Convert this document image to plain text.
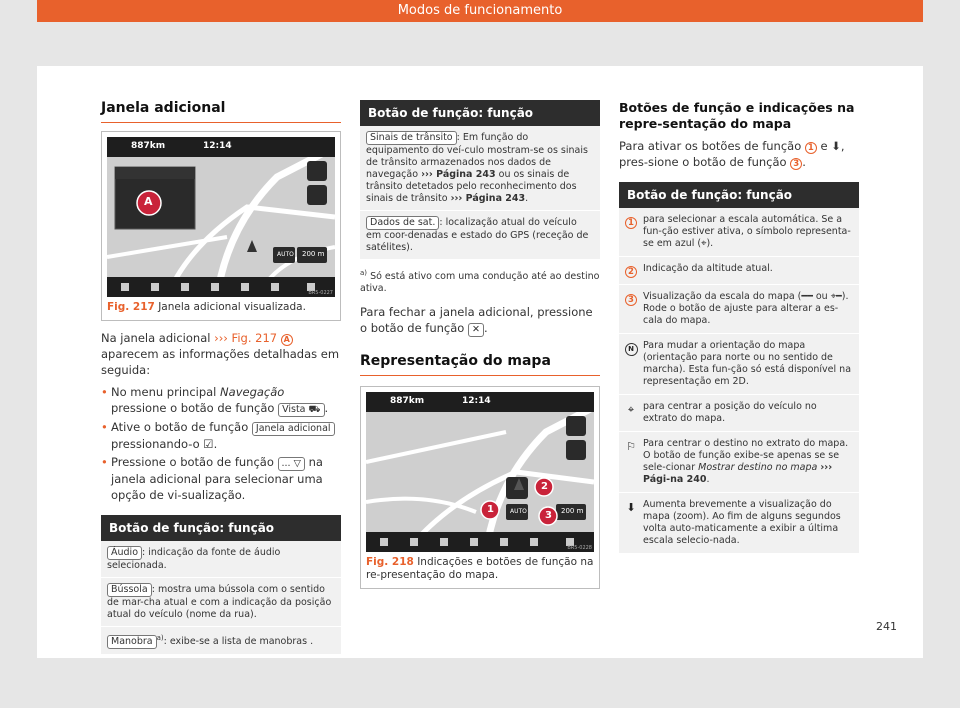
Modos de funcionamento
Janela adicional
887km	12:14
A
AUTO 200 m
BR5-0227
Fig. 217 Janela adicional visualizada.
Na janela adicional ››› Fig. 217 A aparecem as informações detalhadas em seguida:
• No menu principal Navegação pressione o botão de função Vista ⛟ .
• Ative o botão de função Janela adicional pressionando-o ☑.
• Pressione o botão de função ... ▽ na janela adicional para selecionar uma opção de vi-sualização.
Botão de função: função
Áudio : indicação da fonte de áudio selecionada.
Bússola : mostra uma bússola com o sentido de mar-cha atual e com a indicação da posição atual do veículo (nome da rua).
Manobra $^{a)}$: exibe-se a lista de manobras .
Botão de função: função
Sinais de trânsito : Em função do equipamento do veí-culo mostram-se os sinais de trânsito armazenados nos dados de navegação ››› Página 243 ou os sinais de trânsito detetados pelo reconhecimento dos sinais de trânsito ››› Página 243.
Dados de sat. : localização atual do veículo em coor-denadas e estado do GPS (receção de satélites).
$^{a)}$ Só está ativo com uma condução até ao destino ativa.
Para fechar a janela adicional, pressione o botão de função ✕ .
Representação do mapa
887km	12:14
1
2
3
AUTO	200 m
BR5-0228
Fig. 218 Indicações e botões de função na re-presentação do mapa.
Botões de função e indicações na repre-sentação do mapa
Para ativar os botões de função 1 e ⬇, pres-sione o botão de função 3 .
Botão de função: função
1 para selecionar a escala automática. Se a fun-ção estiver ativa, o símbolo representa-se em azul (⌖).
2 Indicação da altitude atual.
3 Visualização da escala do mapa (━━ ou ⌖━). Rode o botão de ajuste para alterar a es-cala do mapa.
N Para mudar a orientação do mapa (orientação para norte ou no sentido de marcha). Esta fun-ção só está disponível na representação em 2D.
⌖ para centrar a posição do veículo no extrato do mapa.
⚐ Para centrar o destino no extrato do mapa. O botão de função exibe-se apenas se se sele-cionar Mostrar destino no mapa ››› Pági-na 240.
⬇ Aumenta brevemente a visualização do mapa (zoom). Ao fim de alguns segundos volta auto-maticamente a exibir a última escala selecio-nada.
241
